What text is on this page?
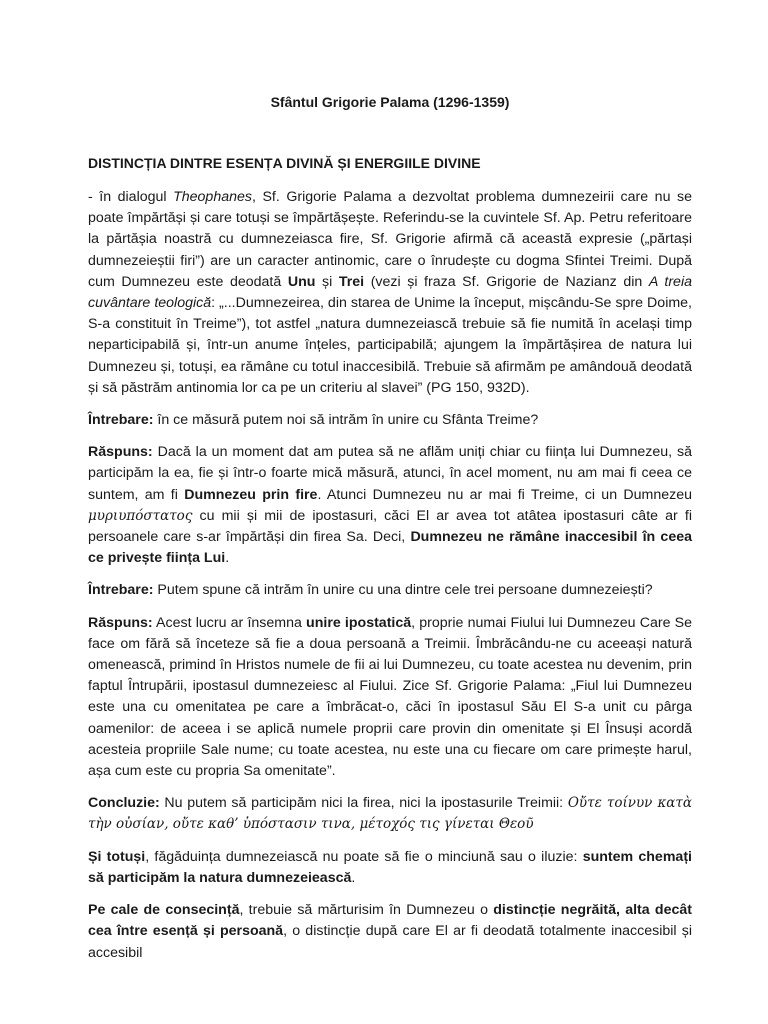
Sfântul Grigorie Palama (1296-1359)

DISTINCȚIA DINTRE ESENȚA DIVINĂ ȘI ENERGIILE DIVINE

- în dialogul Theophanes, Sf. Grigorie Palama a dezvoltat problema dumnezeirii care nu se poate împărtăși și care totuși se împărtășește. Referindu-se la cuvintele Sf. Ap. Petru referitoare la părtășia noastră cu dumnezeiasca fire, Sf. Grigorie afirmă că această expresie („părtași dumnezeieștii firi”) are un caracter antinomic, care o înrudește cu dogma Sfintei Treimi. După cum Dumnezeu este deodată Unu și Trei (vezi și fraza Sf. Grigorie de Nazianz din A treia cuvântare teologică: „...Dumnezeirea, din starea de Unime la început, mișcându-Se spre Doime, S-a constituit în Treime”), tot astfel „natura dumnezeiască trebuie să fie numită în același timp neparticipabilă și, într-un anume înțeles, participabilă; ajungem la împărtășirea de natura lui Dumnezeu și, totuși, ea rămâne cu totul inaccesibilă. Trebuie să afirmăm pe amândouă deodată și să păstrăm antinomia lor ca pe un criteriu al slavei” (PG 150, 932D).

Întrebare: în ce măsură putem noi să intrăm în unire cu Sfânta Treime?

Răspuns: Dacă la un moment dat am putea să ne aflăm uniți chiar cu ființa lui Dumnezeu, să participăm la ea, fie și într-o foarte mică măsură, atunci, în acel moment, nu am mai fi ceea ce suntem, am fi Dumnezeu prin fire. Atunci Dumnezeu nu ar mai fi Treime, ci un Dumnezeu μυριυπόστατος cu mii și mii de ipostasuri, căci El ar avea tot atâtea ipostasuri câte ar fi persoanele care s-ar împărtăși din firea Sa. Deci, Dumnezeu ne rămâne inaccesibil în ceea ce privește ființa Lui.

Întrebare: Putem spune că intrăm în unire cu una dintre cele trei persoane dumnezeiești?

Răspuns: Acest lucru ar însemna unire ipostatică, proprie numai Fiului lui Dumnezeu Care Se face om fără să înceteze să fie a doua persoană a Treimii. Îmbrăcându-ne cu aceeași natură omenească, primind în Hristos numele de fii ai lui Dumnezeu, cu toate acestea nu devenim, prin faptul Întrupării, ipostasul dumnezeiesc al Fiului. Zice Sf. Grigorie Palama: „Fiul lui Dumnezeu este una cu omenitatea pe care a îmbrăcat-o, căci în ipostasul Său El S-a unit cu pârga oamenilor: de aceea i se aplică numele proprii care provin din omenitate și El Însuși acordă acesteia propriile Sale nume; cu toate acestea, nu este una cu fiecare om care primește harul, așa cum este cu propria Sa omenitate”.

Concluzie: Nu putem să participăm nici la firea, nici la ipostasurile Treimii: Οὔτε τοίνυν κατὰ τὴν οὐσίαν, οὔτε καθ’ ὑπόστασιν τινα, μέτοχός τις γίνεται Θεοῦ

Și totuși, făgăduința dumnezeiască nu poate să fie o minciună sau o iluzie: suntem chemați să participăm la natura dumnezeiească.

Pe cale de consecință, trebuie să mărturisim în Dumnezeu o distincție negrăită, alta decât cea între esență și persoană, o distincție după care El ar fi deodată totalmente inaccesibil și accesibil
